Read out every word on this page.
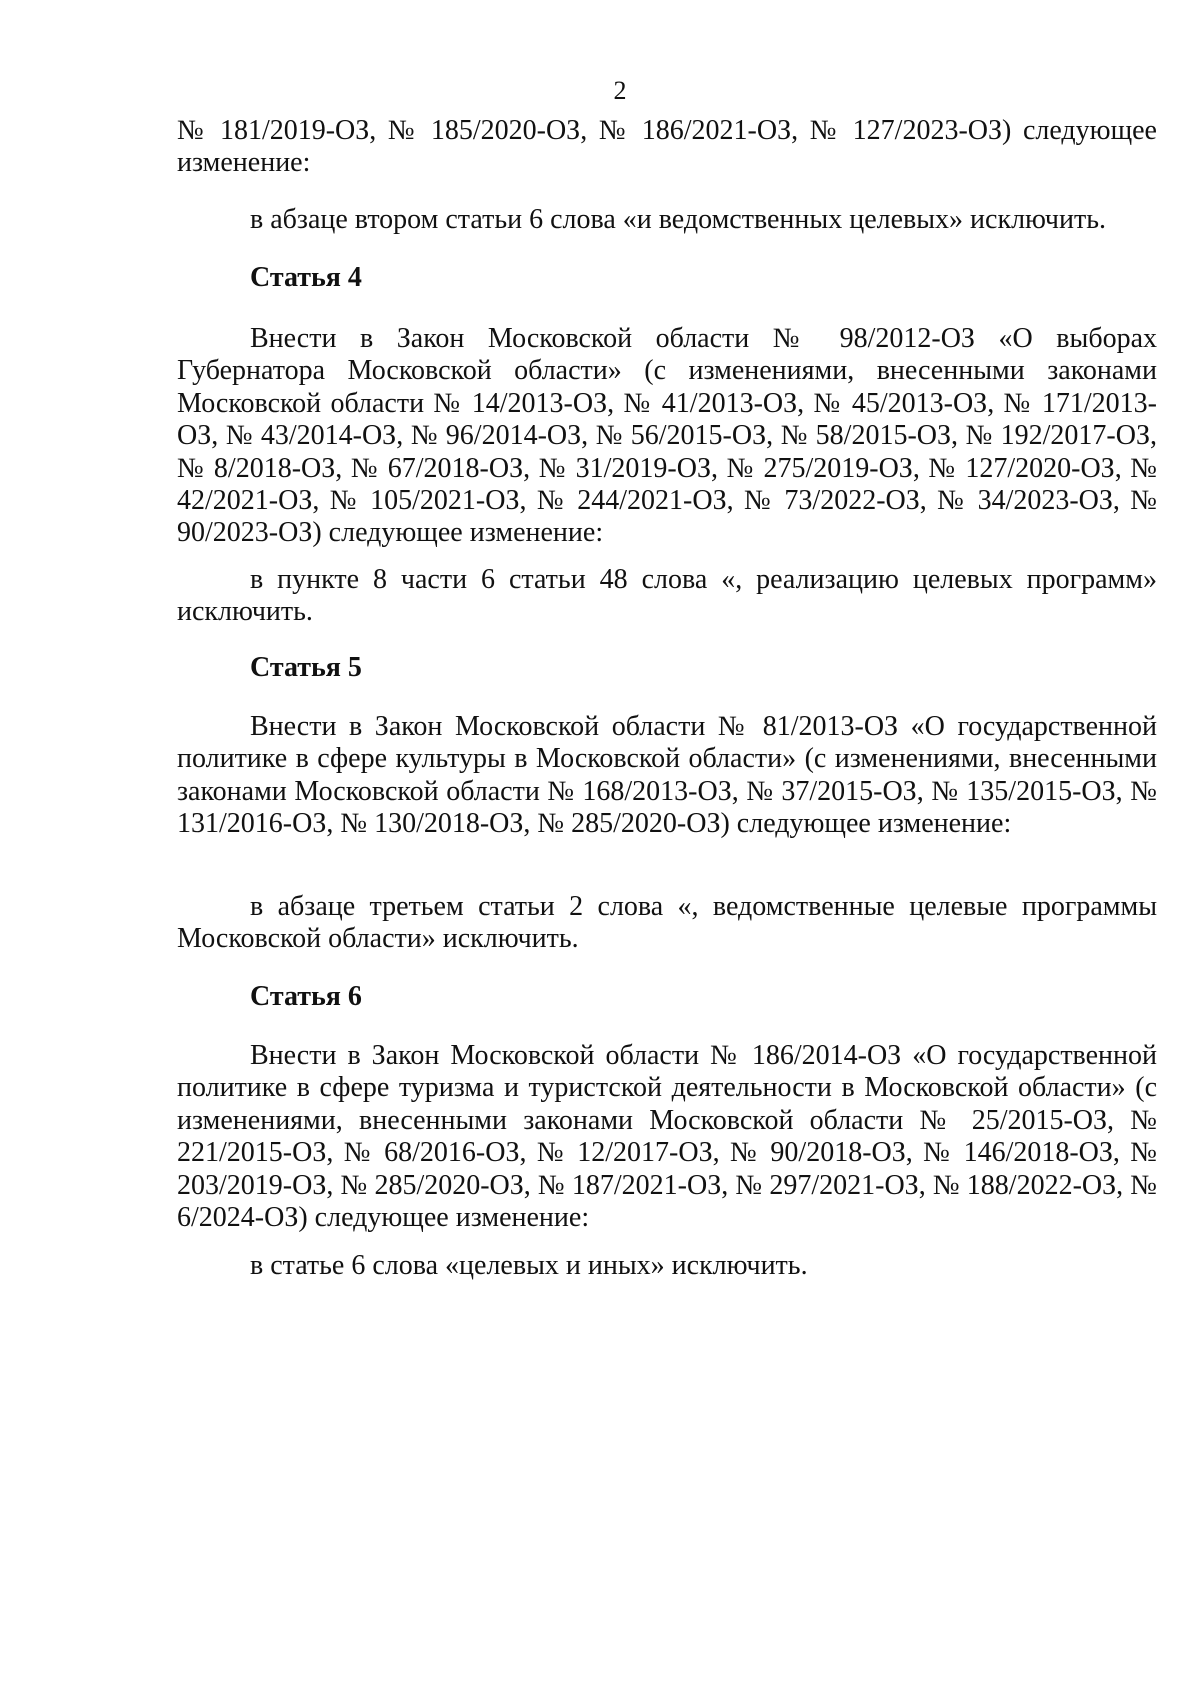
2
№ 181/2019-ОЗ, № 185/2020-ОЗ, № 186/2021-ОЗ, № 127/2023-ОЗ) следующее изменение:
в абзаце втором статьи 6 слова «и ведомственных целевых» исключить.
Статья 4
Внести в Закон Московской области № 98/2012-ОЗ «О выборах Губернатора Московской области» (с изменениями, внесенными законами Московской области № 14/2013-ОЗ, № 41/2013-ОЗ, № 45/2013-ОЗ, № 171/2013-ОЗ, № 43/2014-ОЗ, № 96/2014-ОЗ, № 56/2015-ОЗ, № 58/2015-ОЗ, № 192/2017-ОЗ, № 8/2018-ОЗ, № 67/2018-ОЗ, № 31/2019-ОЗ, № 275/2019-ОЗ, № 127/2020-ОЗ, № 42/2021-ОЗ, № 105/2021-ОЗ, № 244/2021-ОЗ, № 73/2022-ОЗ, № 34/2023-ОЗ, № 90/2023-ОЗ) следующее изменение:
в пункте 8 части 6 статьи 48 слова «, реализацию целевых программ» исключить.
Статья 5
Внести в Закон Московской области № 81/2013-ОЗ «О государственной политике в сфере культуры в Московской области» (с изменениями, внесенными законами Московской области № 168/2013-ОЗ, № 37/2015-ОЗ, № 135/2015-ОЗ, № 131/2016-ОЗ, № 130/2018-ОЗ, № 285/2020-ОЗ) следующее изменение:
в абзаце третьем статьи 2 слова «, ведомственные целевые программы Московской области» исключить.
Статья 6
Внести в Закон Московской области № 186/2014-ОЗ «О государственной политике в сфере туризма и туристской деятельности в Московской области» (с изменениями, внесенными законами Московской области № 25/2015-ОЗ, № 221/2015-ОЗ, № 68/2016-ОЗ, № 12/2017-ОЗ, № 90/2018-ОЗ, № 146/2018-ОЗ, № 203/2019-ОЗ, № 285/2020-ОЗ, № 187/2021-ОЗ, № 297/2021-ОЗ, № 188/2022-ОЗ, № 6/2024-ОЗ) следующее изменение:
в статье 6 слова «целевых и иных» исключить.
